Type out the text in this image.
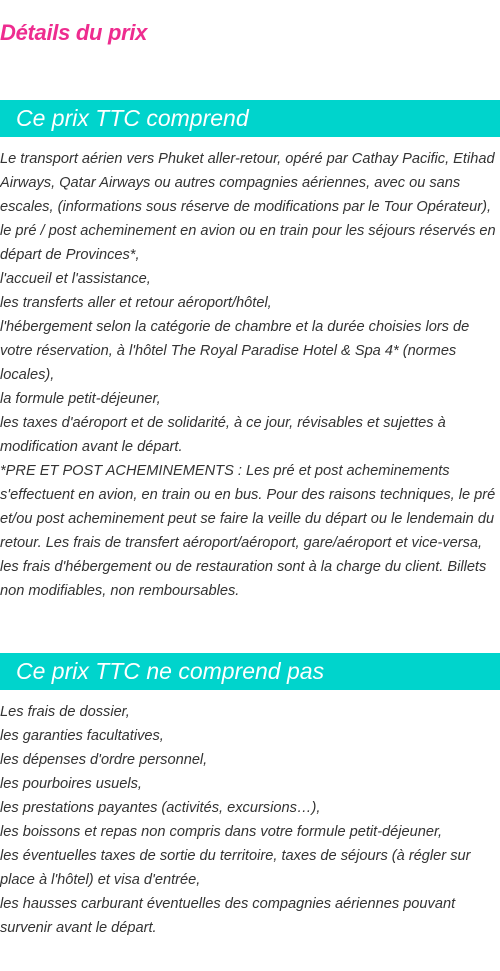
Détails du prix
Ce prix TTC comprend
Le transport aérien vers Phuket aller-retour, opéré par Cathay Pacific, Etihad Airways, Qatar Airways ou autres compagnies aériennes, avec ou sans escales, (informations sous réserve de modifications par le Tour Opérateur),
le pré / post acheminement en avion ou en train pour les séjours réservés en départ de Provinces*,
l'accueil et l'assistance,
les transferts aller et retour aéroport/hôtel,
l'hébergement selon la catégorie de chambre et la durée choisies lors de votre réservation, à l'hôtel The Royal Paradise Hotel & Spa 4* (normes locales),
la formule petit-déjeuner,
les taxes d'aéroport et de solidarité, à ce jour, révisables et sujettes à modification avant le départ.

*PRE ET POST ACHEMINEMENTS : Les pré et post acheminements s'effectuent en avion, en train ou en bus. Pour des raisons techniques, le pré et/ou post acheminement peut se faire la veille du départ ou le lendemain du retour. Les frais de transfert aéroport/aéroport, gare/aéroport et vice-versa, les frais d'hébergement ou de restauration sont à la charge du client. Billets non modifiables, non remboursables.

Ce prix TTC ne comprend pas
Les frais de dossier,
les garanties facultatives,
les dépenses d'ordre personnel,
les pourboires usuels,
les prestations payantes (activités, excursions…),
les boissons et repas non compris dans votre formule petit-déjeuner,
les éventuelles taxes de sortie du territoire, taxes de séjours (à régler sur place à l'hôtel) et visa d'entrée,
les hausses carburant éventuelles des compagnies aériennes pouvant survenir avant le départ.
